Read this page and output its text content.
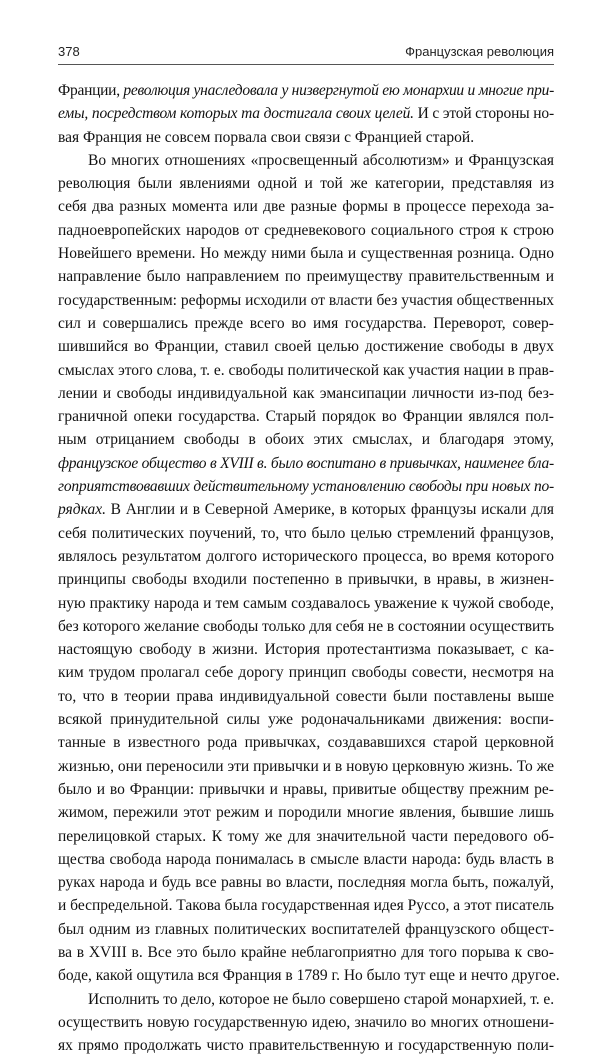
378	Французская революция
Франции, революция унаследовала у низвергнутой ею монархии и многие при-
емы, посредством которых та достигала своих целей. И с этой стороны но-
вая Франция не совсем порвала свои связи с Францией старой.
Во многих отношениях «просвещенный абсолютизм» и Французская
революция были явлениями одной и той же категории, представляя из
себя два разных момента или две разные формы в процессе перехода за-
падноевропейских народов от средневекового социального строя к строю
Новейшего времени. Но между ними была и существенная розница. Одно
направление было направлением по преимуществу правительственным и
государственным: реформы исходили от власти без участия общественных
сил и совершались прежде всего во имя государства. Переворот, совер-
шившийся во Франции, ставил своей целью достижение свободы в двух
смыслах этого слова, т. е. свободы политической как участия нации в прав-
лении и свободы индивидуальной как эмансипации личности из-под без-
граничной опеки государства. Старый порядок во Франции являлся пол-
ным отрицанием свободы в обоих этих смыслах, и благодаря этому,
французское общество в XVIII в. было воспитано в привычках, наименее бла-
гоприятствовавших действительному установлению свободы при новых по-
рядках. В Англии и в Северной Америке, в которых французы искали для
себя политических поучений, то, что было целью стремлений французов,
являлось результатом долгого исторического процесса, во время которого
принципы свободы входили постепенно в привычки, в нравы, в жизнен-
ную практику народа и тем самым создавалось уважение к чужой свободе,
без которого желание свободы только для себя не в состоянии осуществить
настоящую свободу в жизни. История протестантизма показывает, с ка-
ким трудом пролагал себе дорогу принцип свободы совести, несмотря на
то, что в теории права индивидуальной совести были поставлены выше
всякой принудительной силы уже родоначальниками движения: воспи-
танные в известного рода привычках, создававшихся старой церковной
жизнью, они переносили эти привычки и в новую церковную жизнь. То же
было и во Франции: привычки и нравы, привитые обществу прежним ре-
жимом, пережили этот режим и породили многие явления, бывшие лишь
перелицовкой старых. К тому же для значительной части передового об-
щества свобода народа понималась в смысле власти народа: будь власть в
руках народа и будь все равны во власти, последняя могла быть, пожалуй,
и беспредельной. Такова была государственная идея Руссо, а этот писатель
был одним из главных политических воспитателей французского общест-
ва в XVIII в. Все это было крайне неблагоприятно для того порыва к сво-
боде, какой ощутила вся Франция в 1789 г. Но было тут еще и нечто другое.
Исполнить то дело, которое не было совершено старой монархией, т. е.
осуществить новую государственную идею, значило во многих отношени-
ях прямо продолжать чисто правительственную и государственную поли-
